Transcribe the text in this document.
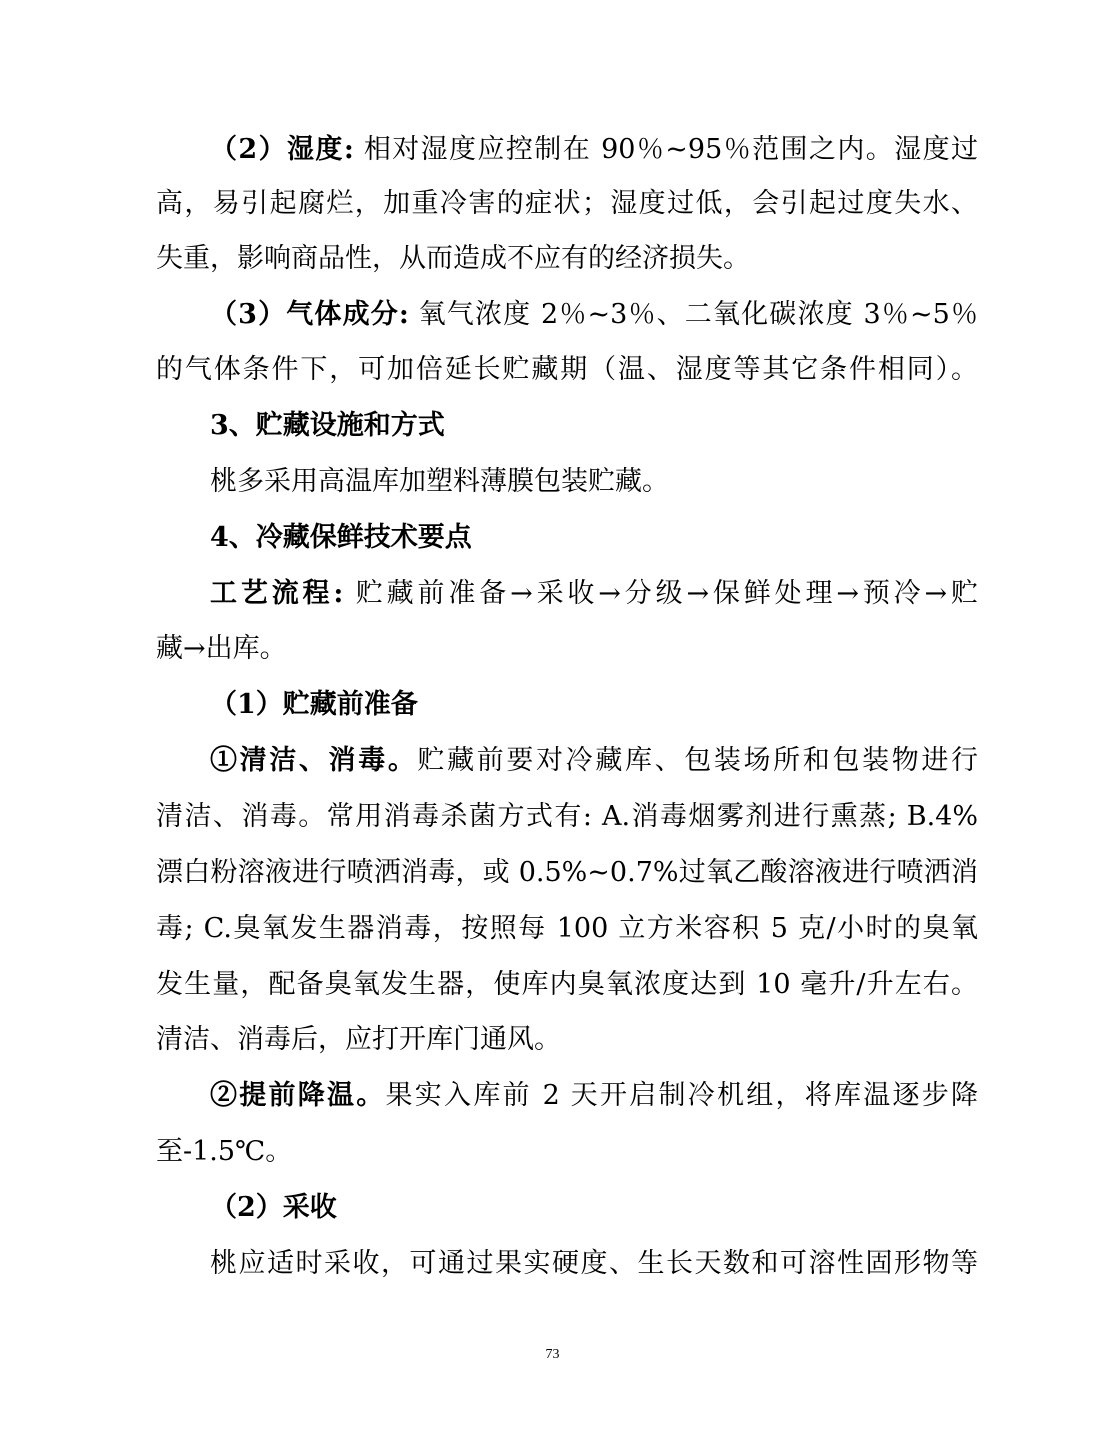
（2）湿度: 相对湿度应控制在 90％~95％范围之内。湿度过
高，易引起腐烂，加重冷害的症状；湿度过低，会引起过度失水、
失重，影响商品性，从而造成不应有的经济损失。
（3）气体成分: 氧气浓度 2％~3％、二氧化碳浓度 3％~5％
的气体条件下，可加倍延长贮藏期（温、湿度等其它条件相同）。
3、贮藏设施和方式
桃多采用高温库加塑料薄膜包装贮藏。
4、冷藏保鲜技术要点
工艺流程: 贮藏前准备→采收→分级→保鲜处理→预冷→贮
藏→出库。
（1）贮藏前准备
①清洁、消毒。贮藏前要对冷藏库、包装场所和包装物进行
清洁、消毒。常用消毒杀菌方式有: A.消毒烟雾剂进行熏蒸; B.4%
漂白粉溶液进行喷洒消毒，或 0.5%~0.7%过氧乙酸溶液进行喷洒消
毒; C.臭氧发生器消毒，按照每 100 立方米容积 5 克/小时的臭氧
发生量，配备臭氧发生器，使库内臭氧浓度达到 10 毫升/升左右。
清洁、消毒后，应打开库门通风。
②提前降温。果实入库前 2 天开启制冷机组，将库温逐步降
至-1.5℃。
（2）采收
桃应适时采收，可通过果实硬度、生长天数和可溶性固形物等
73
